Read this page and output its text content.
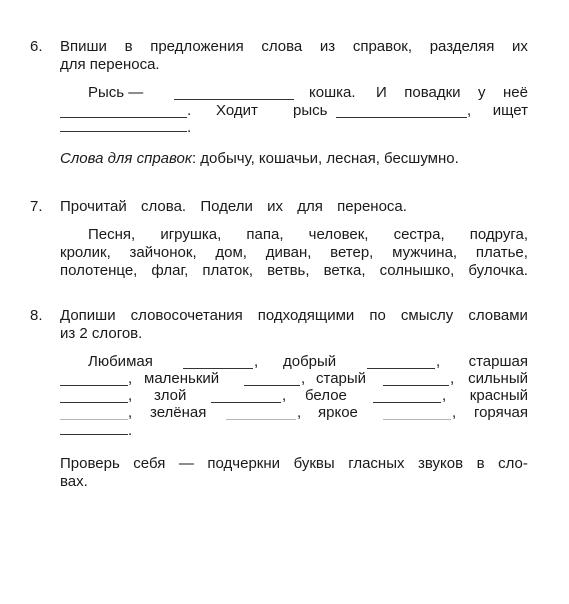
6. Впиши в предложения слова из справок, разделяя их
для переноса.
Рысь —	кошка. И повадки у неё
. Ходит рысь	, ищет
.
Слова для справок: добычу, кошачьи, лесная, бесшумно.
7. Прочитай слова. Подели их для переноса.
Песня, игрушка, папа, человек, сестра, подруга,
кролик, зайчонок, дом, диван, ветер, мужчина, платье,
полотенце, флаг, платок, ветвь, ветка, солнышко, булочка.
8. Допиши словосочетания подходящими по смыслу словами
из 2 слогов.
Любимая	, добрый	, старшая
, маленький	, старый	, сильный
, злой	, белое	, красный
, зелёная	, яркое	, горячая
.
Проверь себя — подчеркни буквы гласных звуков в сло-
вах.
